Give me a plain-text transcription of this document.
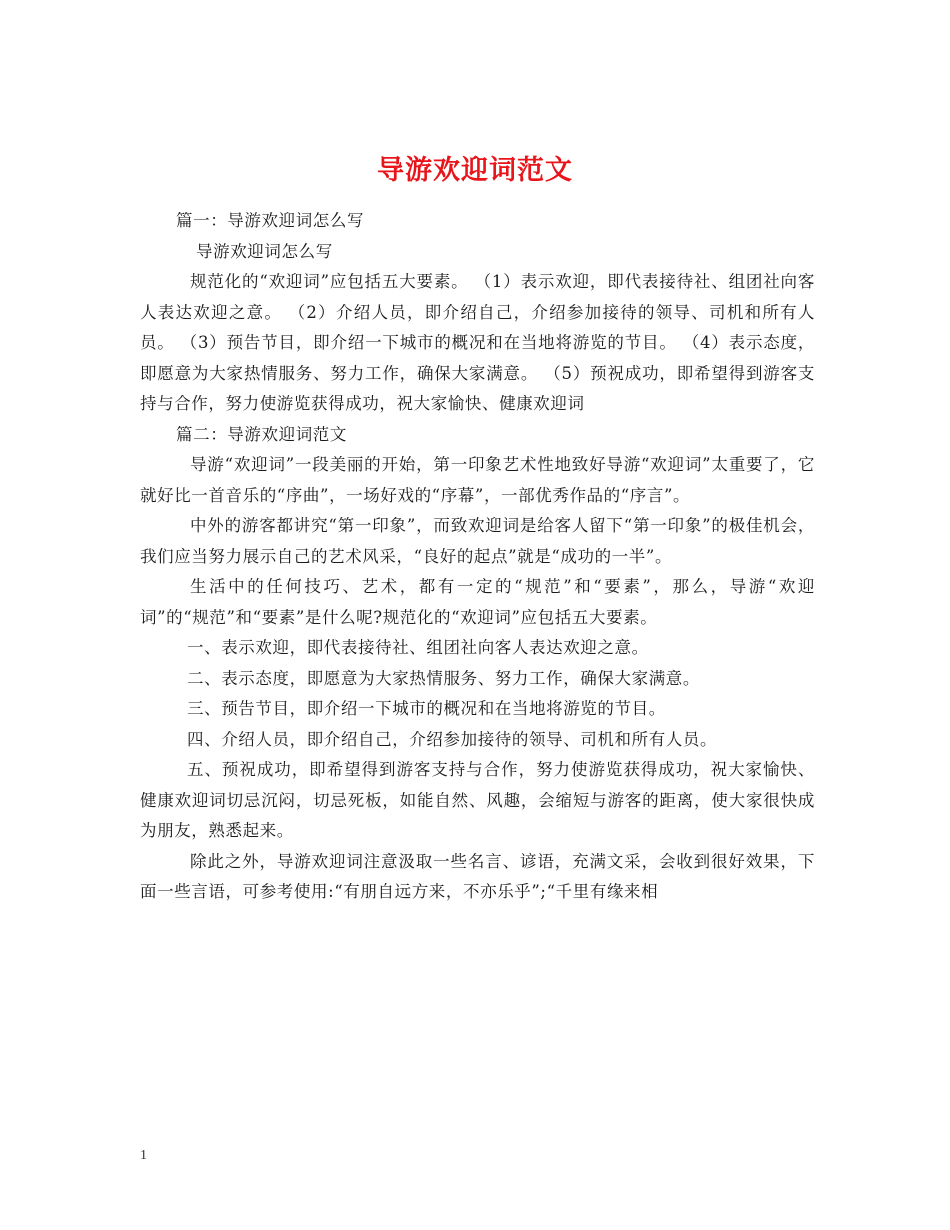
导游欢迎词范文

篇一：导游欢迎词怎么写

导游欢迎词怎么写

规范化的“欢迎词”应包括五大要素。 （1）表示欢迎，即代表接待社、组团社向客人表达欢迎之意。 （2）介绍人员，即介绍自己，介绍参加接待的领导、司机和所有人员。 （3）预告节目，即介绍一下城市的概况和在当地将游览的节目。 （4）表示态度，即愿意为大家热情服务、努力工作，确保大家满意。 （5）预祝成功，即希望得到游客支持与合作，努力使游览获得成功，祝大家愉快、健康欢迎词

篇二：导游欢迎词范文

导游“欢迎词”一段美丽的开始，第一印象艺术性地致好导游“欢迎词”太重要了，它就好比一首音乐的“序曲”，一场好戏的“序幕”，一部优秀作品的“序言”。

中外的游客都讲究“第一印象”，而致欢迎词是给客人留下“第一印象”的极佳机会，我们应当努力展示自己的艺术风采，“良好的起点”就是“成功的一半”。

生活中的任何技巧、艺术，都有一定的“规范”和“要素”，那么，导游“欢迎词”的“规范”和“要素”是什么呢?规范化的“欢迎词”应包括五大要素。

一、表示欢迎，即代表接待社、组团社向客人表达欢迎之意。

二、表示态度，即愿意为大家热情服务、努力工作，确保大家满意。

三、预告节目，即介绍一下城市的概况和在当地将游览的节目。

四、介绍人员，即介绍自己，介绍参加接待的领导、司机和所有人员。

五、预祝成功，即希望得到游客支持与合作，努力使游览获得成功，祝大家愉快、健康欢迎词切忌沉闷，切忌死板，如能自然、风趣，会缩短与游客的距离，使大家很快成为朋友，熟悉起来。

除此之外，导游欢迎词注意汲取一些名言、谚语，充满文采，会收到很好效果，下面一些言语，可参考使用:“有朋自远方来，不亦乐乎”;“千里有缘来相

1
